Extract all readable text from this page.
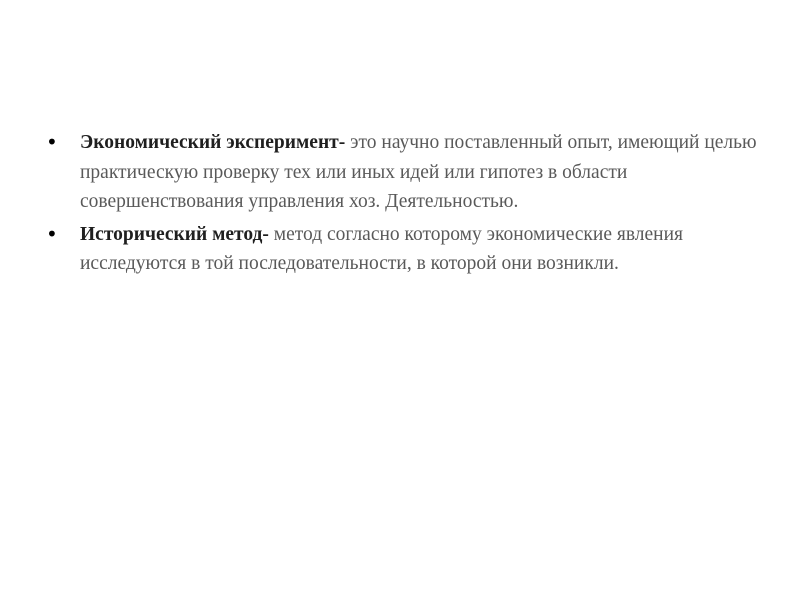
• Экономический эксперимент- это научно поставленный опыт, имеющий целью практическую проверку тех или иных идей или гипотез в области совершенствования управления хоз. Деятельностью.
• Исторический метод- метод согласно которому экономические явления исследуются в той последовательности, в которой они возникли.
